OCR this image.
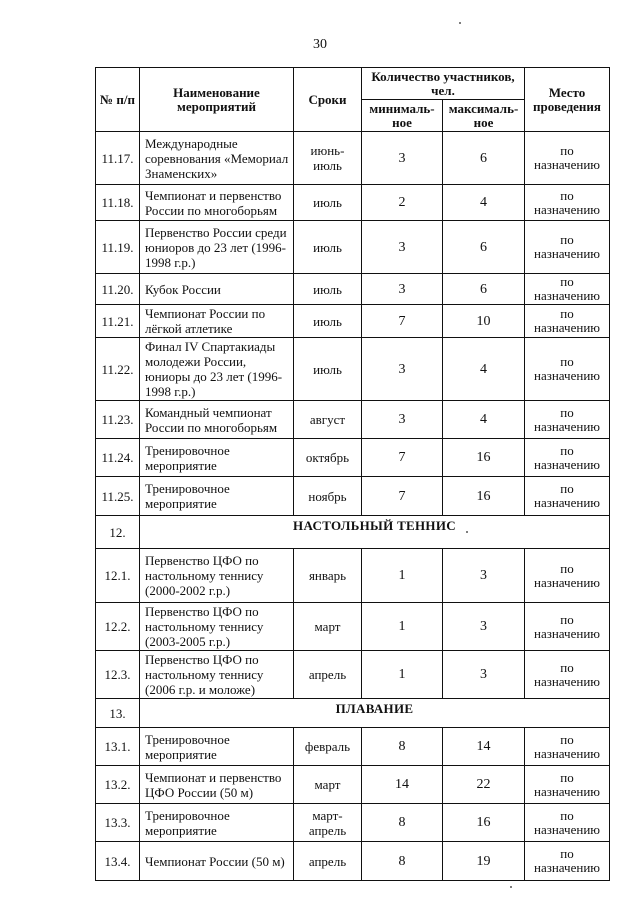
30
№ п/п	Наименование мероприятий	Сроки	Количество участников, чел.		Место проведения
			минималь-ное	максималь-ное	
11.17.	Международные соревнования «Мемориал Знаменских»	июнь-июль	3	6	по назначению
11.18.	Чемпионат и первенство России по многоборьям	июль	2	4	по назначению
11.19.	Первенство России среди юниоров до 23 лет (1996-1998 г.р.)	июль	3	6	по назначению
11.20.	Кубок России	июль	3	6	по назначению
11.21.	Чемпионат России по лёгкой атлетике	июль	7	10	по назначению
11.22.	Финал IV Спартакиады молодежи России, юниоры до 23 лет (1996-1998 г.р.)	июль	3	4	по назначению
11.23.	Командный чемпионат России по многоборьям	август	3	4	по назначению
11.24.	Тренировочное мероприятие	октябрь	7	16	по назначению
11.25.	Тренировочное мероприятие	ноябрь	7	16	по назначению
12.	НАСТОЛЬНЫЙ ТЕННИС				
12.1.	Первенство ЦФО по настольному теннису (2000-2002 г.р.)	январь	1	3	по назначению
12.2.	Первенство ЦФО по настольному теннису (2003-2005 г.р.)	март	1	3	по назначению
12.3.	Первенство ЦФО по настольному теннису (2006 г.р. и моложе)	апрель	1	3	по назначению
13.	ПЛАВАНИЕ				
13.1.	Тренировочное мероприятие	февраль	8	14	по назначению
13.2.	Чемпионат и первенство ЦФО России (50 м)	март	14	22	по назначению
13.3.	Тренировочное мероприятие	март-апрель	8	16	по назначению
13.4.	Чемпионат России (50 м)	апрель	8	19	по назначению
